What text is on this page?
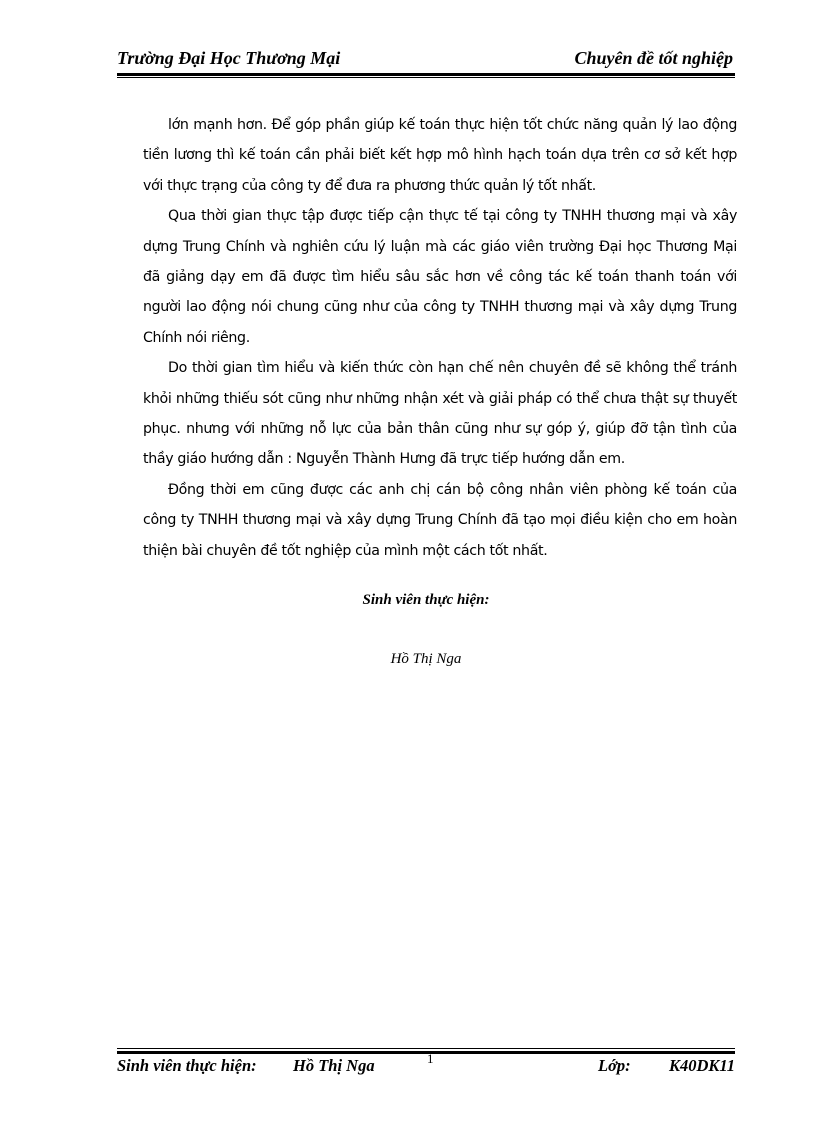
Trường Đại Học Thương Mại	Chuyên đề tốt nghiệp

lớn mạnh hơn. Để góp phần giúp kế toán thực hiện tốt chức năng quản lý lao động tiền lương thì kế toán cần phải biết kết hợp mô hình hạch toán dựa trên cơ sở kết hợp với thực trạng của công ty để đưa ra phương thức quản lý tốt nhất.

Qua thời gian thực tập được tiếp cận thực tế tại công ty TNHH thương mại và xây dựng Trung Chính và nghiên cứu lý luận mà các giáo viên trường Đại học Thương Mại đã giảng dạy em đã được tìm hiểu sâu sắc hơn về công tác kế toán thanh toán với người lao động nói chung cũng như của công ty TNHH thương mại và xây dựng Trung Chính nói riêng.

Do thời gian tìm hiểu và kiến thức còn hạn chế nên chuyên đề sẽ không thể tránh khỏi những thiếu sót cũng như những nhận xét và giải pháp có thể chưa thật sự thuyết phục. nhưng với những nỗ lực của bản thân cũng như sự góp ý, giúp đỡ tận tình của thầy giáo hướng dẫn : Nguyễn Thành Hưng đã trực tiếp hướng dẫn em.

Đồng thời em cũng được các anh chị cán bộ công nhân viên phòng kế toán của công ty TNHH thương mại và xây dựng Trung Chính đã tạo mọi điều kiện cho em hoàn thiện bài chuyên đề tốt nghiệp của mình một cách tốt nhất.

Sinh viên thực hiện:
Hồ Thị Nga
Sinh viên thực hiện: Hồ Thị Nga	1	Lớp: K40DK11
